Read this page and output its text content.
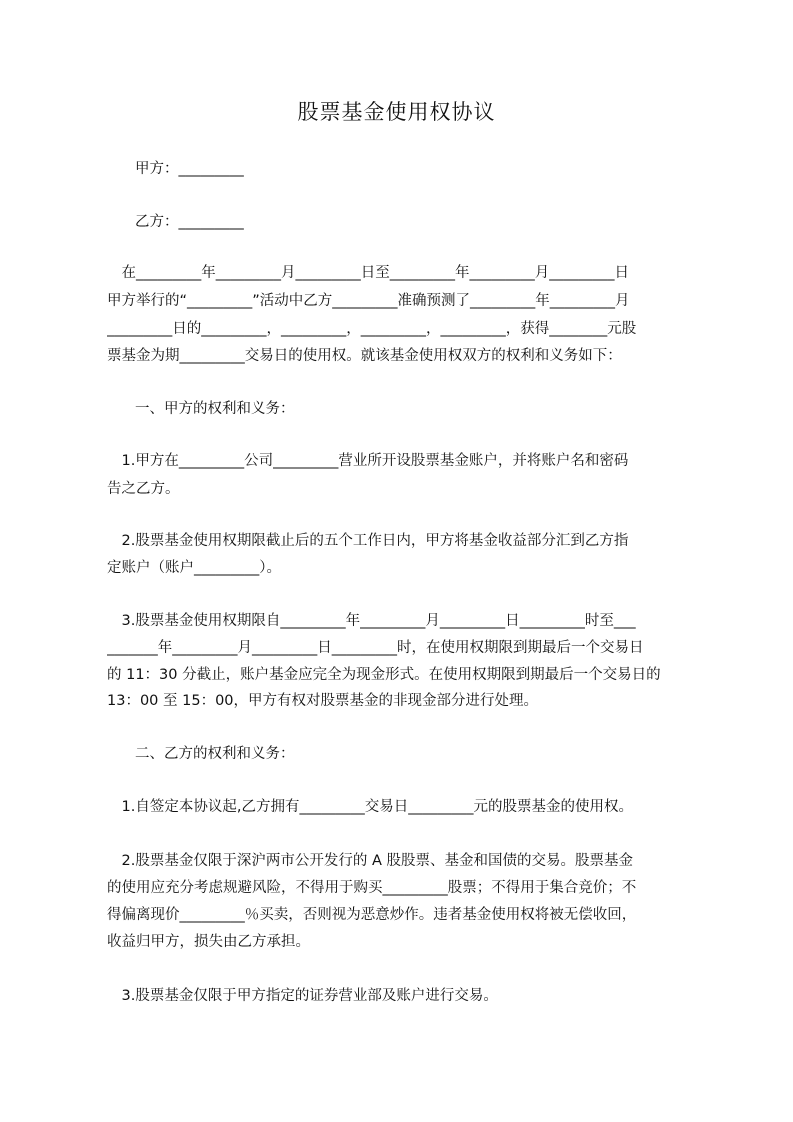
股票基金使用权协议

甲方：_________

乙方：_________

　在_________年_________月_________日至_________年_________月_________日

甲方举行的“_________”活动中乙方_________准确预测了_________年_________月

_________日的_________，_________，_________，_________，获得________元股

票基金为期_________交易日的使用权。就该基金使用权双方的权利和义务如下：

一、甲方的权利和义务：

　1.甲方在_________公司_________营业所开设股票基金账户，并将账户名和密码

告之乙方。

　2.股票基金使用权期限截止后的五个工作日内，甲方将基金收益部分汇到乙方指

定账户（账户_________）。

　3.股票基金使用权期限自_________年_________月_________日_________时至___

_______年_________月_________日_________时，在使用权期限到期最后一个交易日

的 11：30 分截止，账户基金应完全为现金形式。在使用权期限到期最后一个交易日的

13：00 至 15：00，甲方有权对股票基金的非现金部分进行处理。

二、乙方的权利和义务：

　1.自签定本协议起,乙方拥有_________交易日_________元的股票基金的使用权。

　2.股票基金仅限于深沪两市公开发行的 A 股股票、基金和国债的交易。股票基金

的使用应充分考虑规避风险，不得用于购买_________股票；不得用于集合竞价；不

得偏离现价_________％买卖，否则视为恶意炒作。违者基金使用权将被无偿收回，

收益归甲方，损失由乙方承担。

　3.股票基金仅限于甲方指定的证券营业部及账户进行交易。
